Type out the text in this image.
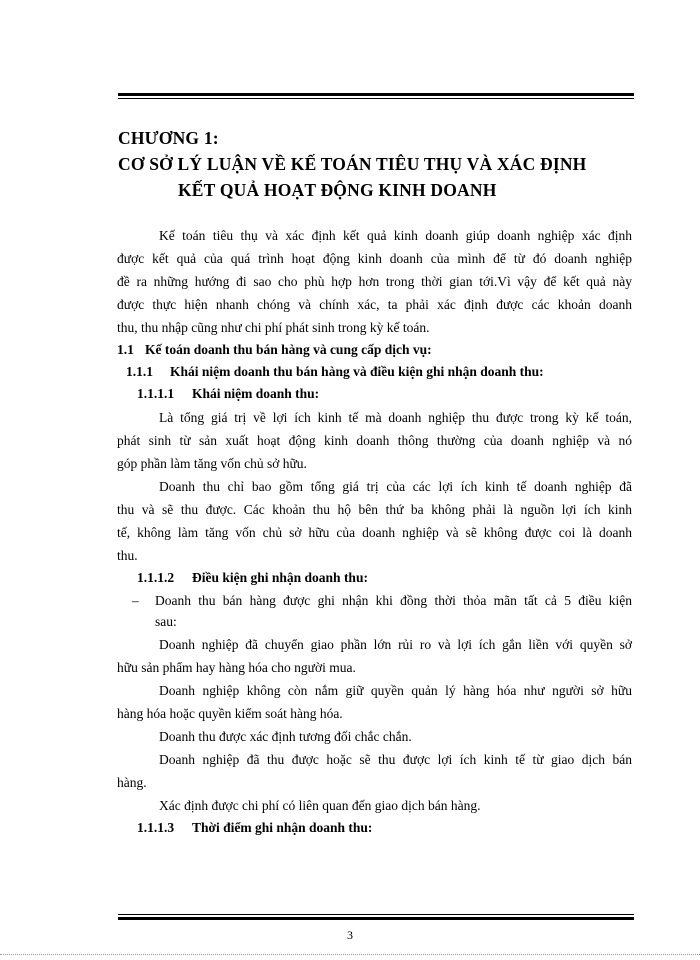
CHƯƠNG 1:
CƠ SỞ LÝ LUẬN VỀ KẾ TOÁN TIÊU THỤ VÀ XÁC ĐỊNH
KẾT QUẢ HOẠT ĐỘNG KINH DOANH
Kế toán tiêu thụ và xác định kết quả kinh doanh giúp doanh nghiệp xác định
được kết quả của quá trình hoạt động kinh doanh của mình để từ đó doanh nghiệp
đề ra những hướng đi sao cho phù hợp hơn trong thời gian tới.Vì vậy để kết quả này
được thực hiện nhanh chóng và chính xác, ta phải xác định được các khoản doanh
thu, thu nhập cũng như chi phí phát sinh trong kỳ kế toán.
1.1 Kế toán doanh thu bán hàng và cung cấp dịch vụ:
1.1.1 Khái niệm doanh thu bán hàng và điều kiện ghi nhận doanh thu:
1.1.1.1 Khái niệm doanh thu:
Là tổng giá trị về lợi ích kinh tế mà doanh nghiệp thu được trong kỳ kế toán,
phát sinh từ sản xuất hoạt động kinh doanh thông thường của doanh nghiệp và nó
góp phần làm tăng vốn chủ sở hữu.
Doanh thu chỉ bao gồm tổng giá trị của các lợi ích kinh tế doanh nghiệp đã
thu và sẽ thu được. Các khoản thu hộ bên thứ ba không phải là nguồn lợi ích kinh
tế, không làm tăng vốn chủ sở hữu của doanh nghiệp và sẽ không được coi là doanh
thu.
1.1.1.2 Điều kiện ghi nhận doanh thu:
– Doanh thu bán hàng được ghi nhận khi đồng thời thỏa mãn tất cả 5 điều kiện
sau:
Doanh nghiệp đã chuyển giao phần lớn rủi ro và lợi ích gắn liền với quyền sở
hữu sản phẩm hay hàng hóa cho người mua.
Doanh nghiệp không còn nắm giữ quyền quản lý hàng hóa như người sở hữu
hàng hóa hoặc quyền kiểm soát hàng hóa.
Doanh thu được xác định tương đối chắc chắn.
Doanh nghiệp đã thu được hoặc sẽ thu được lợi ích kinh tế từ giao dịch bán
hàng.
Xác định được chi phí có liên quan đến giao dịch bán hàng.
1.1.1.3 Thời điểm ghi nhận doanh thu:
3
